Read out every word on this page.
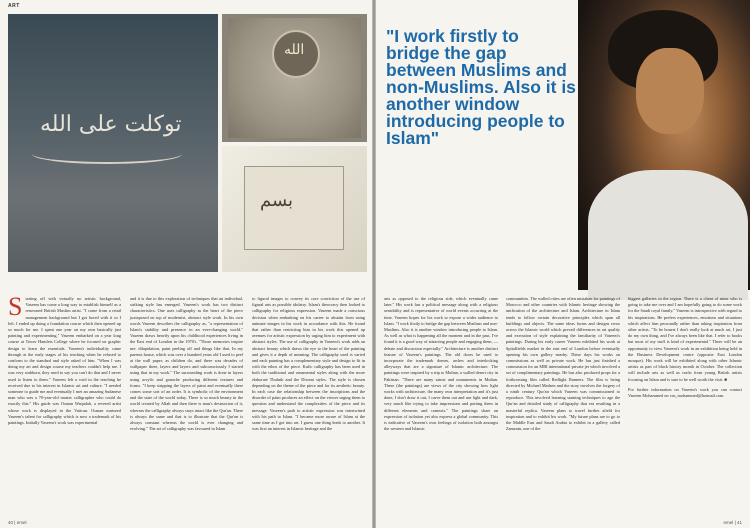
ART
توكلت على الله
الله
بسم

Starting off with virtually no artistic background, Vaseem has come a long way to establish himself as a renowned British Muslim artist. "I come from a retail management background but I got bored with it so I left. I ended up doing a foundation course which then opened up so much for me. I spent one year on my own basically just painting and experimenting." Vaseem embarked on a year long course at Tower Hamlets College where he focused on graphic design to learn the essentials. Vaseem's individuality came through at the early stages of his teaching when he refused to conform to the standard and style asked of him. "When I was doing my art and design course my teachers couldn't help me. I was very stubborn, they used to say you can't do that and I never used to listen to them." Vaseem felt a void in the teaching he received due to his interest in Islamic art and culture. "I needed someone to guide me and eventually I met an amazing Sudanese man who was a 70-year-old master calligrapher who could do exactly this." His guide was Osman Waqialah, a revered artist whose work is displayed in the Vatican. Osman nurtured Vaseem's talent for calligraphy which is now a trademark of his paintings. Initially Vaseem's work was experimental

and it is due to this exploration of techniques that an individual, striking style has emerged. Vaseem's work has two distinct characteristics. One uses calligraphy as the heart of the piece juxtaposed on top of modernist, abstract style work. In his own words Vaseem describes the calligraphy as, "a representation of Islam's stability and presence in an ever-changing world." Vaseem draws heavily upon his childhood experiences living in the East end of London in the 1970's. "Those memories inspire me: dilapidation, paint peeling off and things like that. In my parents house, which was over a hundred years old I used to peel at the wall paper, as children do, and there was decades of wallpaper there, layers and layers and subconsciously I started using that in my work." The surrounding work is done in layers using acrylic and gouache producing different textures and forms. "I keep stripping the layers of paint and eventually there comes some sort of an order. It is symbolic of the environment and the state of the world today. There is so much beauty in the world created by Allah and then there is man's destruction of it, whereas the calligraphy always stays intact like the Qur'an. There is always the same and that is to illustrate that the Qur'an is always constant whereas the world is ever changing and evolving." The art of calligraphy was favoured in Islam

to figural images to convey its core conviction of the use of figural arts as possible idolatry. Islam's theocracy then looked to calligraphy for religious expression. Vaseem made a conscious decision when embarking on his career to abstain from using animate images in his work in accordance with this. He found that rather than restricting him in his work this opened up avenues for artistic expression by urging him to experiment with abstract styles. The use of calligraphy in Vaseem's work adds an abstract beauty which draws the eye to the heart of the painting and gives it a depth of meaning. The calligraphy used is varied and each painting has a complementary style and design to fit in with the ethos of the piece. Kufic calligraphy has been used in both the traditional and ornamental styles along with the more elaborate Thuluth and the Diwani styles. The style is chosen depending on the theme of the piece and for its aesthetic beauty. In each case the relationship between the inscriptions and the disorder of paint produces an effect on the viewer urging them to question and understand the complexities of the piece and its message. Vaseem's path to artistic expression was intertwined with his path to Islam. "I became more aware of Islam at the same time as I got into art. I guess one thing leads to another. It was first an interest in Islamic heritage and the

40 | emel
"I work firstly to bridge the gap between Muslims and non-Muslims. Also it is another window introducing people to Islam"

arts as opposed to the religious side, which eventually came later." His work has a political message along with a religious sensibility and is representative of world events occurring at the time. Vaseem hopes for his work to expose a wider audience to Islam. "I work firstly to bridge the gap between Muslims and non-Muslims. Also it is another window introducing people to Islam. As well as what is happening all the moment and in the past, I've found it is a good way of attracting people and engaging them, — debate and discussion especially." Architecture is another distinct feature of Vaseem's paintings. The old doors he used to incorporate the trademark domes, arches and interlocking alleyways that are a signature of Islamic architecture. The paintings were inspired by a trip to Multan, a walled desert city in Pakistan. "There are many saints and monuments in Multan. These (the paintings) are views of the city showing how light works with architecture, the many own interpretation and it's just done, I don't draw it out, I carve them out and use light and dark, very much like trying to take impressions and putting them in different elements and contexts." The paintings share an expression of isolation yet also express a global community. This is indicative of Vaseem's own feelings of isolation both amongst the western and Islamic

communities. The walled cities are often mistaken for paintings of Morocco and other countries with Islamic heritage showing the unification of the architecture and Islam. Architecture in Islam tends to follow certain decorative principles which span all buildings and objects. The same ideas forms and designs recur across the Islamic world which prevail differences in art quality and execution of style explaining the familiarity of Vaseem's paintings. During his early career Vaseem exhibited his work at Spitalfields market in the east end of London before eventually opening his own gallery nearby. These days his works on commissions as well as private work. He has just finished a commission for an MBI international private jet which involved a set of complimentary paintings. He has also produced props for a forthcoming film called Redlight Runners. The film is being directed by Michael Madsen and the story involves the forgery of a ninth century Qur'an which Vaseem was commissioned to reproduce. This involved learning staining techniques to age the Qur'an and detailed study of calligraphy that era resulting in a masterful replica. Vaseem plans to travel further afield for inspiration and to exhibit his work. "My future plans are to go to the Middle East and Saudi Arabia to exhibit in a gallery called Zamzam, one of the

biggest galleries in the region. There is a client of mine who is going to take me over and I am hopefully going to do some work for the Saudi royal family." Vaseem is introspective with regard to his inspirations. He prefers experiences, emotions and situations which affect him personally rather than taking inspiration from other artists. "To be honest I don't really look at much art, I just do my own thing, and I've always been like that. I refer to books but most of my stuff is kind of experimental." There will be an opportunity to view Vaseem's work in an exhibition being held in the Business Development centre (opposite East London mosque). His work will be exhibited along with other Islamic artists as part of black history month in October. The collection will include arts as well as crafts from young British artists focusing on Islam and is sure to be well worth the visit. ■
For further information on Vaseem's work you can contact Vaseem Mohammed on vas_mohammed@hotmail.com.

emel | 41
